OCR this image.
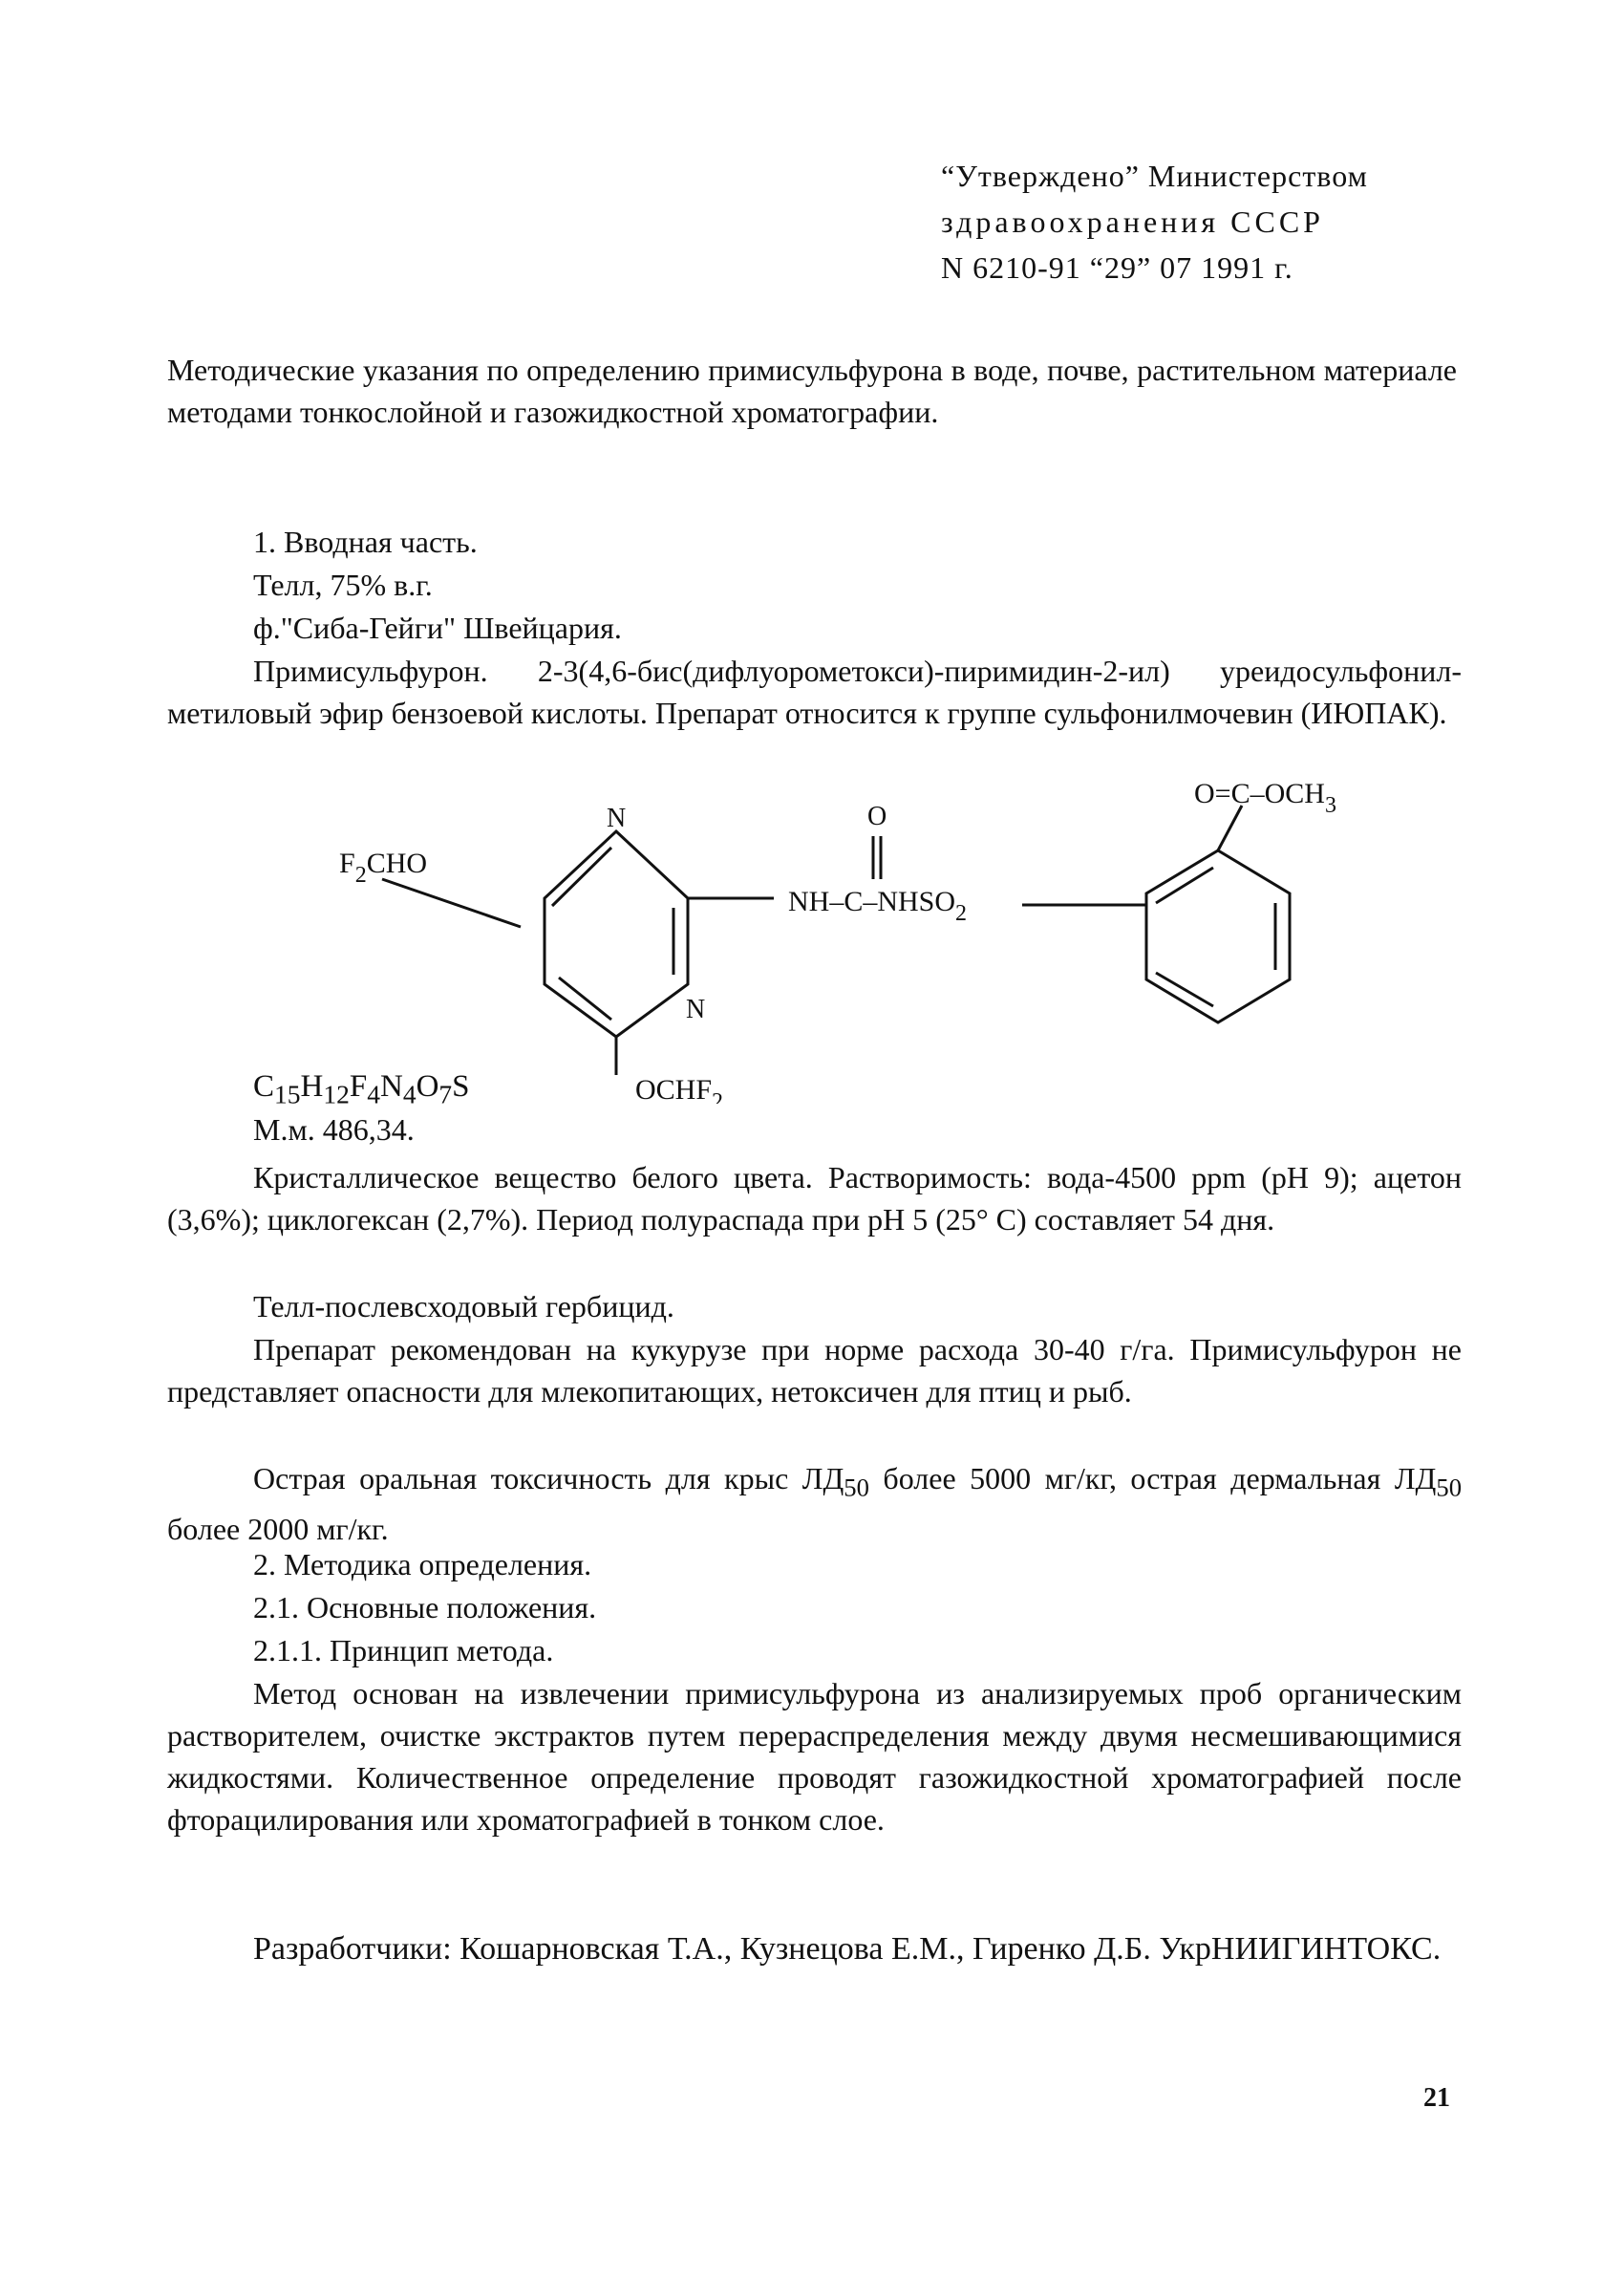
“Утверждено” Министерством
здравоохранения СССР
N 6210-91 “29” 07 1991 г.
Методические указания по определению примисульфурона в воде, почве, растительном материале методами тонкослойной и газожидкостной хроматографии.
1. Вводная часть.
Телл, 75% в.г.
ф."Сиба-Гейги" Швейцария.
Примисульфурон. 2-3(4,6-бис(дифлуорометокси)-пиримидин-2-ил) уреидосульфонил-метиловый эфир бензоевой кислоты. Препарат относится к группе сульфонилмочевин (ИЮПАК).
$F_2CHO$
N
N
$OCHF_2$
O
$NH-C-NHSO_2$
$O=C-OCH_3$
$C_{15}H_{12}F_4N_4O_7S$
М.м. 486,34.
Кристаллическое вещество белого цвета. Растворимость: вода-4500 ppm (pH 9); ацетон (3,6%); циклогексан (2,7%). Период полураспада при pH 5 (25° С) составляет 54 дня.
Телл-послевсходовый гербицид.
Препарат рекомендован на кукурузе при норме расхода 30-40 г/га. Примисульфурон не представляет опасности для млекопитающих, нетоксичен для птиц и рыб.
Острая оральная токсичность для крыс $ЛД_{50}$ более 5000 мг/кг, острая дермальная $ЛД_{50}$ более 2000 мг/кг.
2. Методика определения.
2.1. Основные положения.
2.1.1. Принцип метода.
Метод основан на извлечении примисульфурона из анализируемых проб органическим растворителем, очистке экстрактов путем перераспределения между двумя несмешивающимися жидкостями. Количественное определение проводят газожидкостной хроматографией после фторацилирования или хроматографией в тонком слое.
Разработчики: Кошарновская Т.А., Кузнецова Е.М., Гиренко Д.Б. УкрНИИГИНТОКС.
21
